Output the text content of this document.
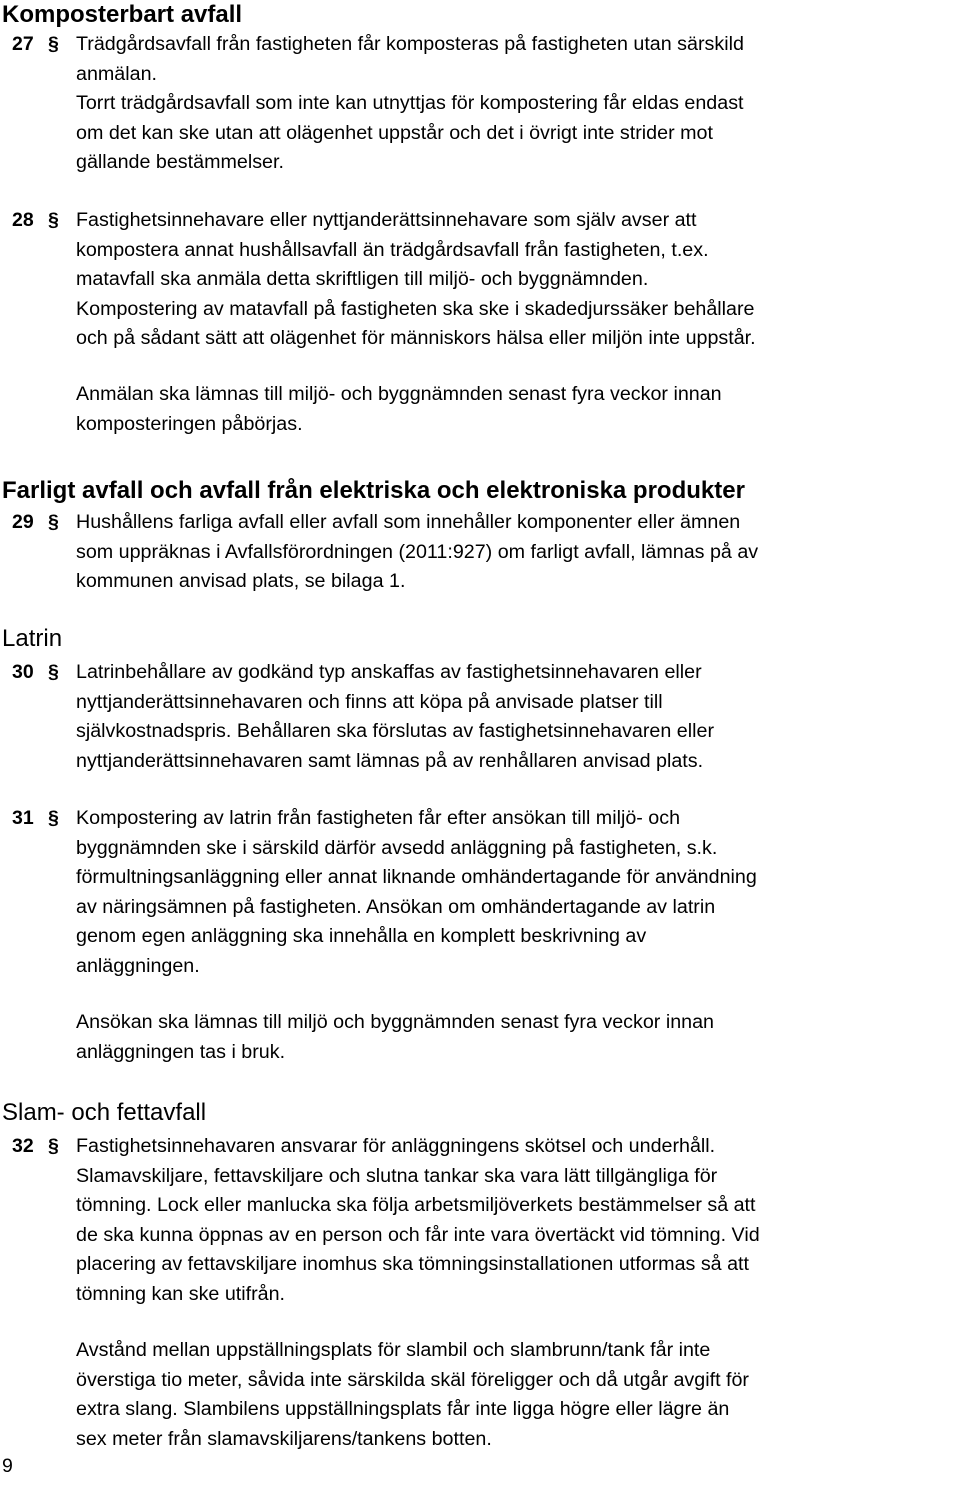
Komposterbart avfall
27 § Trädgårdsavfall från fastigheten får komposteras på fastigheten utan särskild
anmälan.
Torrt trädgårdsavfall som inte kan utnyttjas för kompostering får eldas endast
om det kan ske utan att olägenhet uppstår och det i övrigt inte strider mot
gällande bestämmelser.

28 § Fastighetsinnehavare eller nyttjanderättsinnehavare som själv avser att
kompostera annat hushållsavfall än trädgårdsavfall från fastigheten, t.ex.
matavfall ska anmäla detta skriftligen till miljö- och byggnämnden.
Kompostering av matavfall på fastigheten ska ske i skadedjurssäker behållare
och på sådant sätt att olägenhet för människors hälsa eller miljön inte uppstår.

Anmälan ska lämnas till miljö- och byggnämnden senast fyra veckor innan
komposteringen påbörjas.

Farligt avfall och avfall från elektriska och elektroniska produkter
29 § Hushållens farliga avfall eller avfall som innehåller komponenter eller ämnen
som uppräknas i Avfallsförordningen (2011:927) om farligt avfall, lämnas på av
kommunen anvisad plats, se bilaga 1.

Latrin
30 § Latrinbehållare av godkänd typ anskaffas av fastighetsinnehavaren eller
nyttjanderättsinnehavaren och finns att köpa på anvisade platser till
självkostnadspris. Behållaren ska förslutas av fastighetsinnehavaren eller
nyttjanderättsinnehavaren samt lämnas på av renhållaren anvisad plats.

31 § Kompostering av latrin från fastigheten får efter ansökan till miljö- och
byggnämnden ske i särskild därför avsedd anläggning på fastigheten, s.k.
förmultningsanläggning eller annat liknande omhändertagande för användning
av näringsämnen på fastigheten. Ansökan om omhändertagande av latrin
genom egen anläggning ska innehålla en komplett beskrivning av
anläggningen.

Ansökan ska lämnas till miljö och byggnämnden senast fyra veckor innan
anläggningen tas i bruk.

Slam- och fettavfall
32 § Fastighetsinnehavaren ansvarar för anläggningens skötsel och underhåll.
Slamavskiljare, fettavskiljare och slutna tankar ska vara lätt tillgängliga för
tömning. Lock eller manlucka ska följa arbetsmiljöverkets bestämmelser så att
de ska kunna öppnas av en person och får inte vara övertäckt vid tömning. Vid
placering av fettavskiljare inomhus ska tömningsinstallationen utformas så att
tömning kan ske utifrån.

Avstånd mellan uppställningsplats för slambil och slambrunn/tank får inte
överstiga tio meter, såvida inte särskilda skäl föreligger och då utgår avgift för
extra slang. Slambilens uppställningsplats får inte ligga högre eller lägre än
sex meter från slamavskiljarens/tankens botten.

9
